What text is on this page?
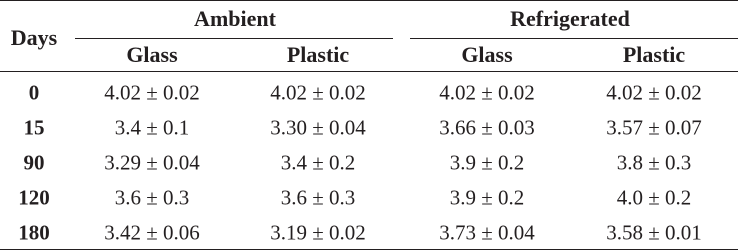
Days
Ambient	Refrigerated
Glass	Plastic	Glass	Plastic
0	4.02 ± 0.02	4.02 ± 0.02	4.02 ± 0.02	4.02 ± 0.02
15	3.4 ± 0.1	3.30 ± 0.04	3.66 ± 0.03	3.57 ± 0.07
90	3.29 ± 0.04	3.4 ± 0.2	3.9 ± 0.2	3.8 ± 0.3
120	3.6 ± 0.3	3.6 ± 0.3	3.9 ± 0.2	4.0 ± 0.2
180	3.42 ± 0.06	3.19 ± 0.02	3.73 ± 0.04	3.58 ± 0.01
